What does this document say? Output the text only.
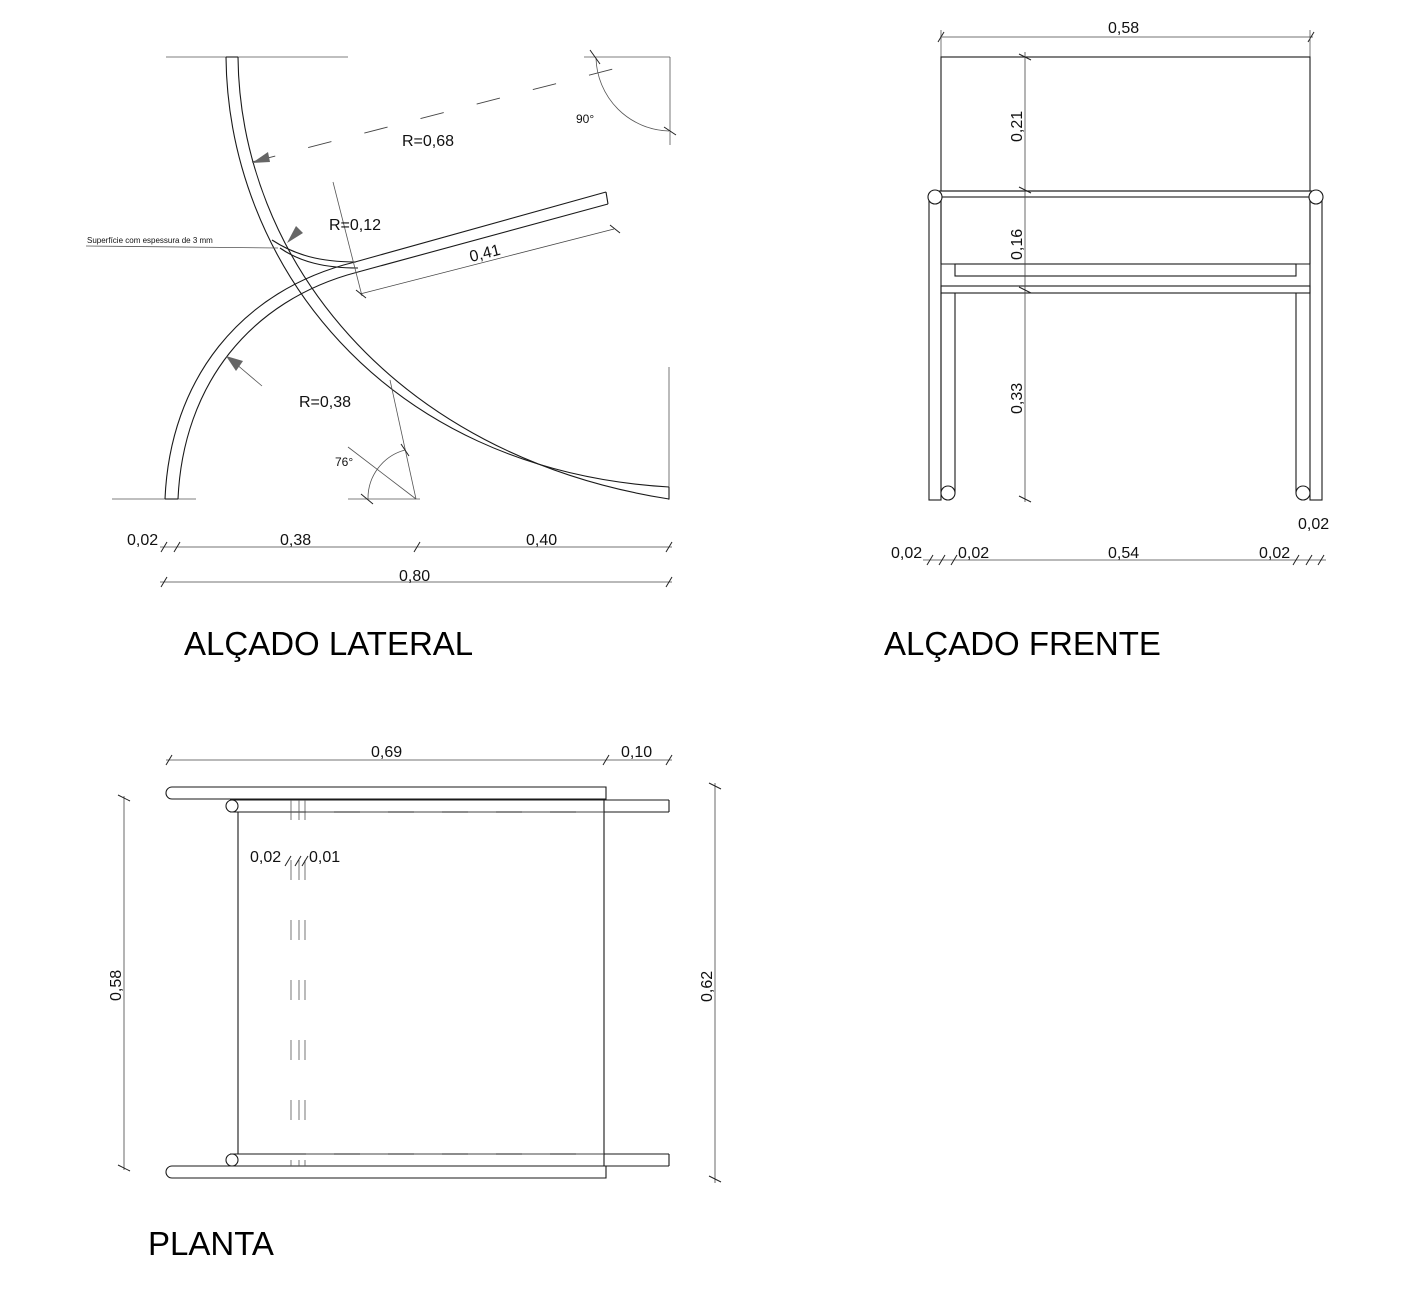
R=0,68
90°
R=0,12
Superfície com espessura de 3 mm
0,41
R=0,38
76°
0,02	0,38	0,40
0,80
ALÇADO LATERAL
0,58
0,21
0,16
0,33
0,02
0,02 0,02	0,54	0,02
ALÇADO FRENTE
0,69	0,10
0,02 0,01
0,58	0,62
PLANTA
